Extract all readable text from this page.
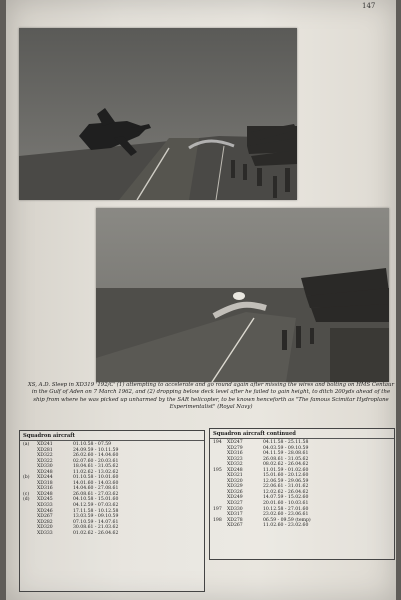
147

XS, A.D. Sleep in XD319 '192/C' (1) attempting to accelerate and go round again after missing the wires and bolting on HMS Centaur in the Gulf of Aden on 7 March 1962, and (2) dropping below deck level after he failed to gain height, to ditch 200yds ahead of the ship from where he was picked up unharmed by the SAR helicopter, to be known henceforth as "The famous Scimitar Hydroplane Experimentalist" (Royal Navy)

Squadron aircraft
(a)	XD241	01.10.58 - 07.59
XD281	24.09.59 - 10.11.59
XD322	26.02.60 - 14.04.60
XD322	02.07.60 - 20.03.61
XD330	18.04.61 - 31.05.62
XD248	11.02.62 - 13.02.62
(b)	XD244	01.10.58 - 10.01.60
XD318	14.01.60 - 14.03.60
XD316	14.04.60 - 27.08.61
(c)	XD248	26.08.61 - 27.03.62
(d)	XD245	04.10.58 - 15.01.60
XD333	04.12.59 - 07.03.62
XD246	17.11.58 - 10.12.58
XD267	13.03.59 - 09.10.59
XD282	07.10.59 - 14.07.61
XD320	30.08.61 - 21.03.62
XD333	01.02.62 - 26.04.62
Squadron aircraft continued
194	XD247	04.11.58 - 25.11.58
XD279	04.03.59 - 09.10.59
XD316	04.11.59 - 28.08.61
XD323	26.08.61 - 31.05.62
XD332	08.02.62 - 26.04.62
195	XD248	11.01.59 - 01.02.60
XD321	15.01.60 - 20.12.60
XD320	12.06.59 - 29.06.59
XD329	22.06.61 - 31.01.62
XD326	12.02.62 - 26.04.62
XD249	14.07.59 - 15.02.60
XD327	20.01.60 - 10.03.61
197	XD330	10.12.58 - 27.01.60
XD317	23.02.60 - 23.06.61
198	XD278	06.59 - 09.59 (temp)
XD267	11.02.60 - 23.02.60
